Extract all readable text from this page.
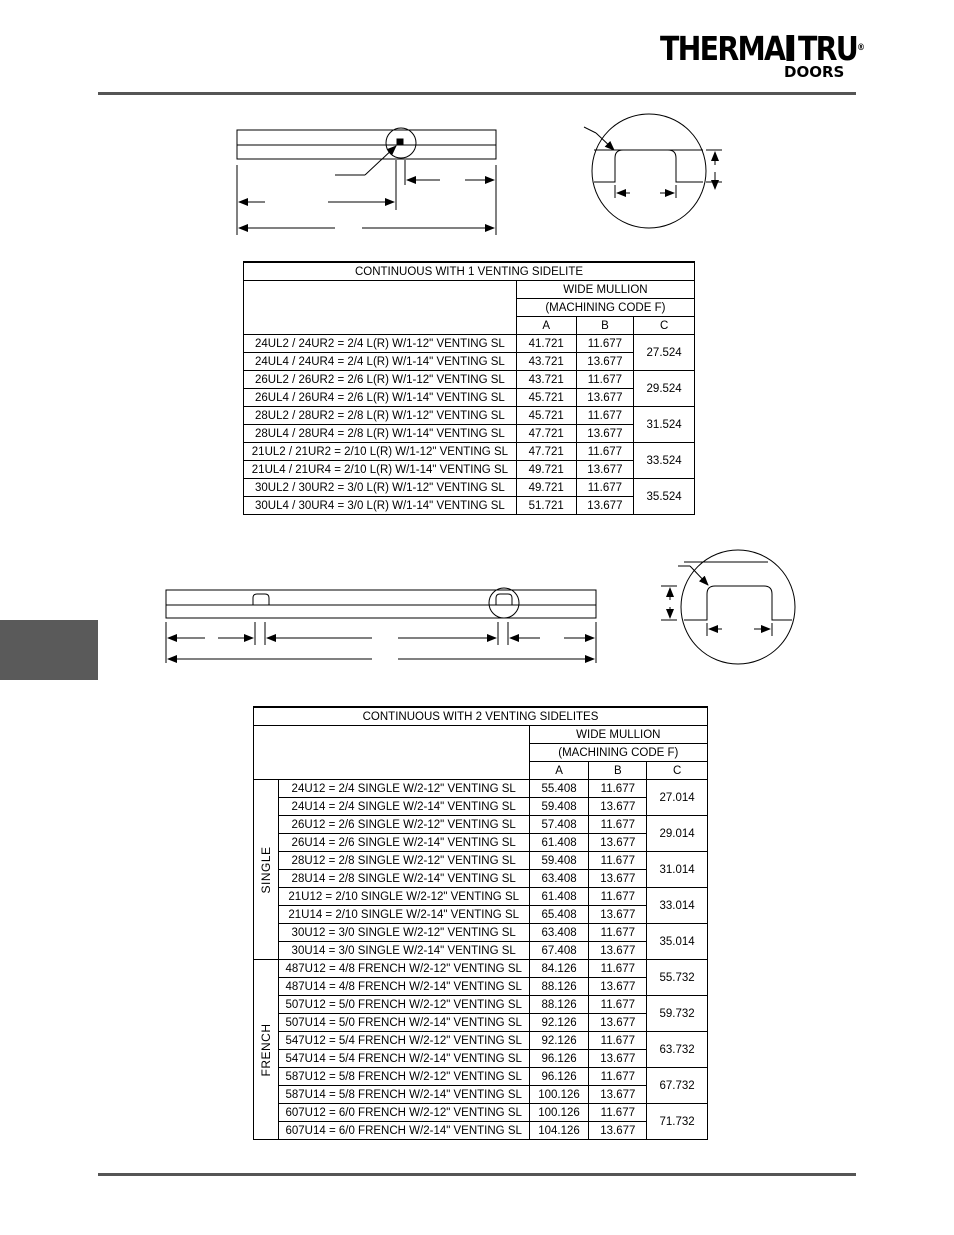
THERMA TRU®
DOORS
CONTINUOUS WITH 1 VENTING SIDELITE			
	WIDE MULLION		
	(MACHINING CODE F)		
	A	B	C
24UL2 / 24UR2 = 2/4 L(R) W/1-12" VENTING SL	41.721	11.677	27.524
24UL4 / 24UR4 = 2/4 L(R) W/1-14" VENTING SL	43.721	13.677	
26UL2 / 26UR2 = 2/6 L(R) W/1-12" VENTING SL	43.721	11.677	29.524
26UL4 / 26UR4 = 2/6 L(R) W/1-14" VENTING SL	45.721	13.677	
28UL2 / 28UR2 = 2/8 L(R) W/1-12" VENTING SL	45.721	11.677	31.524
28UL4 / 28UR4 = 2/8 L(R) W/1-14" VENTING SL	47.721	13.677	
21UL2 / 21UR2 = 2/10 L(R) W/1-12" VENTING SL	47.721	11.677	33.524
21UL4 / 21UR4 = 2/10 L(R) W/1-14" VENTING SL	49.721	13.677	
30UL2 / 30UR2 = 3/0 L(R) W/1-12" VENTING SL	49.721	11.677	35.524
30UL4 / 30UR4 = 3/0 L(R) W/1-14" VENTING SL	51.721	13.677	
CONTINUOUS WITH 2 VENTING SIDELITES				
		WIDE MULLION		
		(MACHINING CODE F)		
		A	B	C

SINGLE	24U12 = 2/4 SINGLE W/2-12" VENTING SL	55.408	11.677	27.014
	24U14 = 2/4 SINGLE W/2-14" VENTING SL	59.408	13.677	
	26U12 = 2/6 SINGLE W/2-12" VENTING SL	57.408	11.677	29.014
	26U14 = 2/6 SINGLE W/2-14" VENTING SL	61.408	13.677	
	28U12 = 2/8 SINGLE W/2-12" VENTING SL	59.408	11.677	31.014
	28U14 = 2/8 SINGLE W/2-14" VENTING SL	63.408	13.677	
	21U12 = 2/10 SINGLE W/2-12" VENTING SL	61.408	11.677	33.014
	21U14 = 2/10 SINGLE W/2-14" VENTING SL	65.408	13.677	
	30U12 = 3/0 SINGLE W/2-12" VENTING SL	63.408	11.677	35.014
	30U14 = 3/0 SINGLE W/2-14" VENTING SL	67.408	13.677	

FRENCH	487U12 = 4/8 FRENCH W/2-12" VENTING SL	84.126	11.677	55.732
	487U14 = 4/8 FRENCH W/2-14" VENTING SL	88.126	13.677	
	507U12 = 5/0 FRENCH W/2-12" VENTING SL	88.126	11.677	59.732
	507U14 = 5/0 FRENCH W/2-14" VENTING SL	92.126	13.677	
	547U12 = 5/4 FRENCH W/2-12" VENTING SL	92.126	11.677	63.732
	547U14 = 5/4 FRENCH W/2-14" VENTING SL	96.126	13.677	
	587U12 = 5/8 FRENCH W/2-12" VENTING SL	96.126	11.677	67.732
	587U14 = 5/8 FRENCH W/2-14" VENTING SL	100.126	13.677	
	607U12 = 6/0 FRENCH W/2-12" VENTING SL	100.126	11.677	71.732
	607U14 = 6/0 FRENCH W/2-14" VENTING SL	104.126	13.677	
